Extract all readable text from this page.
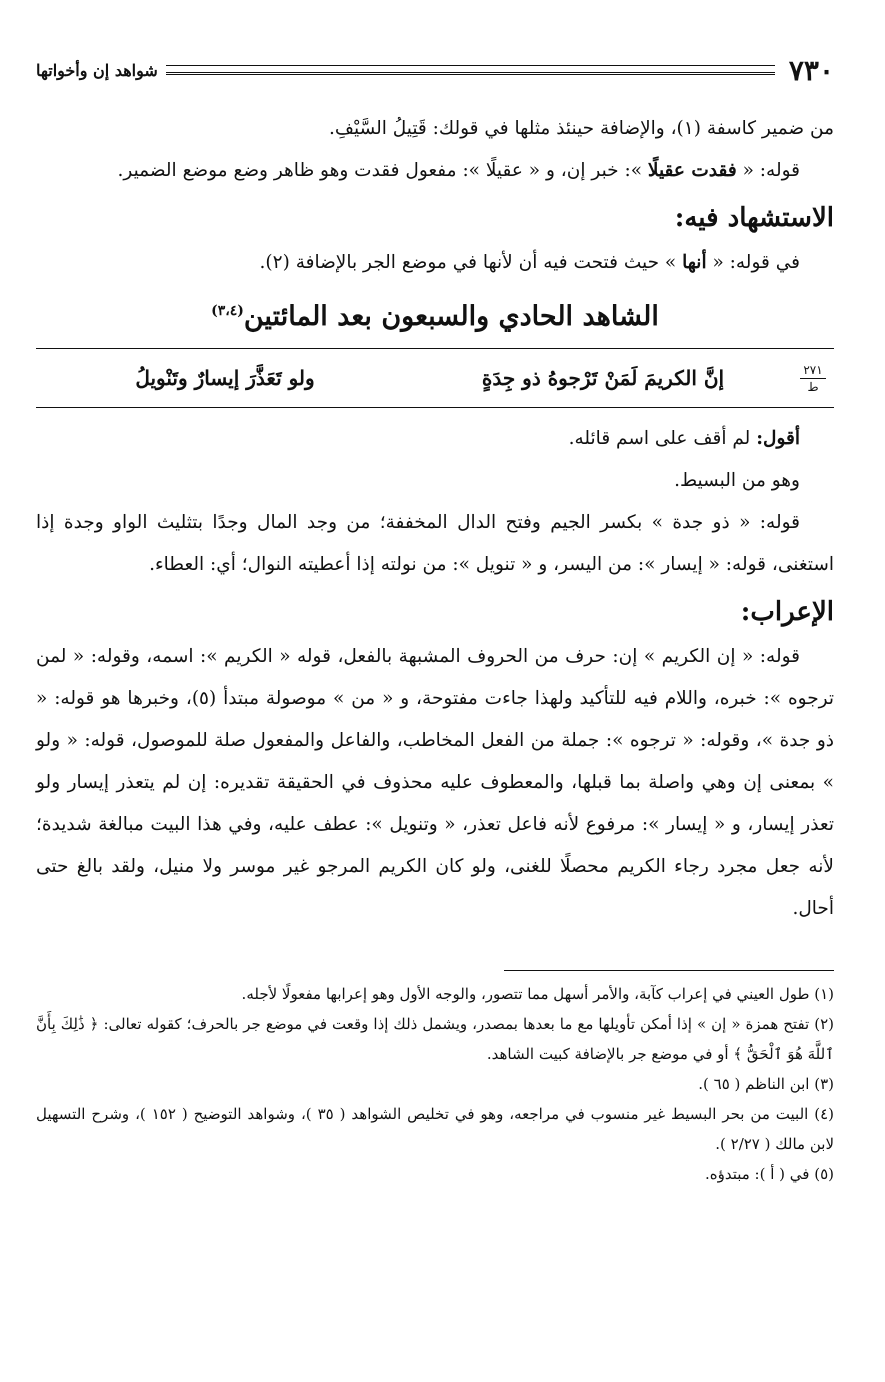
٧٣٠
شواهد إن وأخواتها

من ضمير كاسفة (١)، والإضافة حينئذ مثلها في قولك: قَتِيلُ السَّيْفِ.

قوله: « فقدت عقيلًا »: خبر إن، و « عقيلًا »: مفعول فقدت وهو ظاهر وضع موضع الضمير.

الاستشهاد فيه:

في قوله: « أنها » حيث فتحت فيه أن لأنها في موضع الجر بالإضافة (٢).

الشاهد الحادي والسبعون بعد المائتين$^{(٣،٤)}$
٢٧١
ط
إنَّ الكريمَ لَمَنْ تَرْجوهُ ذو جِدَةٍ
ولو تَعَذَّرَ إيسارٌ وتَنْويلُ

أقول: لم أقف على اسم قائله.

وهو من البسيط.

قوله: « ذو جدة » بكسر الجيم وفتح الدال المخففة؛ من وجد المال وجدًا بتثليث الواو وجدة إذا استغنى، قوله: « إيسار »: من اليسر، و « تنويل »: من نولته إذا أعطيته النوال؛ أي: العطاء.

الإعراب:

قوله: « إن الكريم » إن: حرف من الحروف المشبهة بالفعل، قوله « الكريم »: اسمه، وقوله: « لمن ترجوه »: خبره، واللام فيه للتأكيد ولهذا جاءت مفتوحة، و « من » موصولة مبتدأ (٥)، وخبرها هو قوله: « ذو جدة »، وقوله: « ترجوه »: جملة من الفعل المخاطب، والفاعل والمفعول صلة للموصول، قوله: « ولو » بمعنى إن وهي واصلة بما قبلها، والمعطوف عليه محذوف في الحقيقة تقديره: إن لم يتعذر إيسار ولو تعذر إيسار، و « إيسار »: مرفوع لأنه فاعل تعذر، « وتنويل »: عطف عليه، وفي هذا البيت مبالغة شديدة؛ لأنه جعل مجرد رجاء الكريم محصلًا للغنى، ولو كان الكريم المرجو غير موسر ولا منيل، ولقد بالغ حتى أحال.

(١) طول العيني في إعراب كآبة، والأمر أسهل مما تتصور، والوجه الأول وهو إعرابها مفعولًا لأجله.

(٢) تفتح همزة « إن » إذا أمكن تأويلها مع ما بعدها بمصدر، ويشمل ذلك إذا وقعت في موضع جر بالحرف؛ كقوله تعالى: ﴿ ذَٰلِكَ بِأَنَّ ٱللَّهَ هُوَ ٱلْحَقُّ ﴾ أو في موضع جر بالإضافة كبيت الشاهد.

(٣) ابن الناظم ( ٦٥ ).

(٤) البيت من بحر البسيط غير منسوب في مراجعه، وهو في تخليص الشواهد ( ٣٥ )، وشواهد التوضيح ( ١٥٢ )، وشرح التسهيل لابن مالك ( ٢/٢٧ ).

(٥) في ( أ ): مبتدؤه.
